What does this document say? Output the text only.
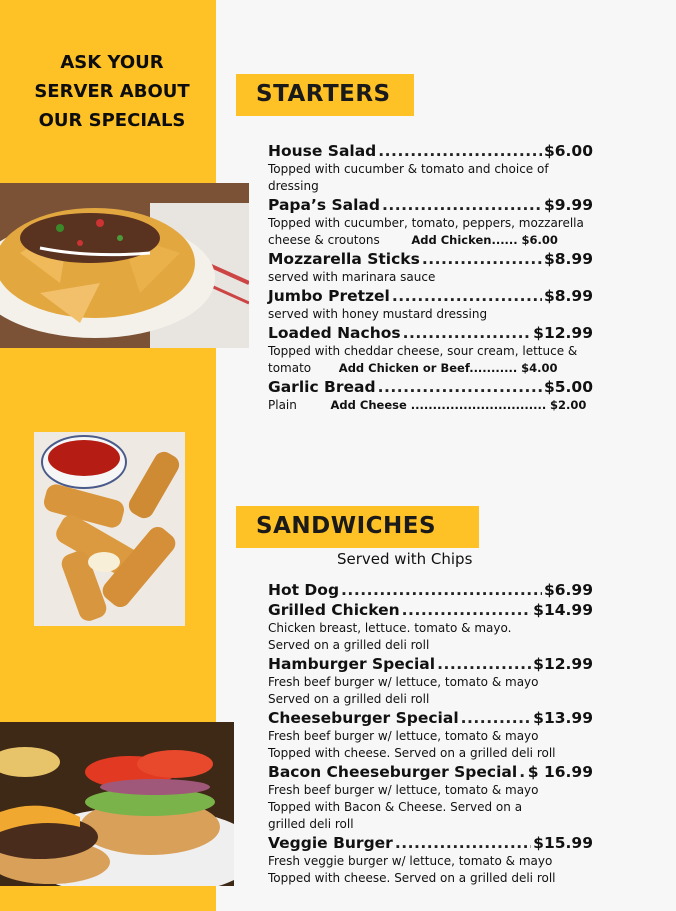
ASK YOUR
SERVER ABOUT
OUR SPECIALS
STARTERS
House Salad .....	$6.00
Topped with cucumber & tomato and choice of
dressing
Papa’s Salad .....	$9.99
Topped with cucumber, tomato, peppers, mozzarella
cheese & croutons	Add Chicken...... $6.00
Mozzarella Sticks .....	$8.99
served with marinara sauce
Jumbo Pretzel .....	$8.99
served with honey mustard dressing
Loaded Nachos .....	$12.99
Topped with cheddar cheese, sour cream, lettuce &
tomato Add Chicken or Beef........... $4.00
Garlic Bread .....	$5.00
Plain	Add Cheese ............................... $2.00
SANDWICHES
Served with Chips
Hot Dog .....	$6.99
Grilled Chicken .....	$14.99
Chicken breast, lettuce. tomato & mayo.
Served on a grilled deli roll
Hamburger Special .....	$12.99
Fresh beef burger w/ lettuce, tomato & mayo
Served on a grilled deli roll
Cheeseburger Special .....	$13.99
Fresh beef burger w/ lettuce, tomato & mayo
Topped with cheese. Served on a grilled deli roll
Bacon Cheeseburger Special ..... $ 16.99
Fresh beef burger w/ lettuce, tomato & mayo
Topped with Bacon & Cheese. Served on a
grilled deli roll
Veggie Burger .....	$15.99
Fresh veggie burger w/ lettuce, tomato & mayo
Topped with cheese. Served on a grilled deli roll
